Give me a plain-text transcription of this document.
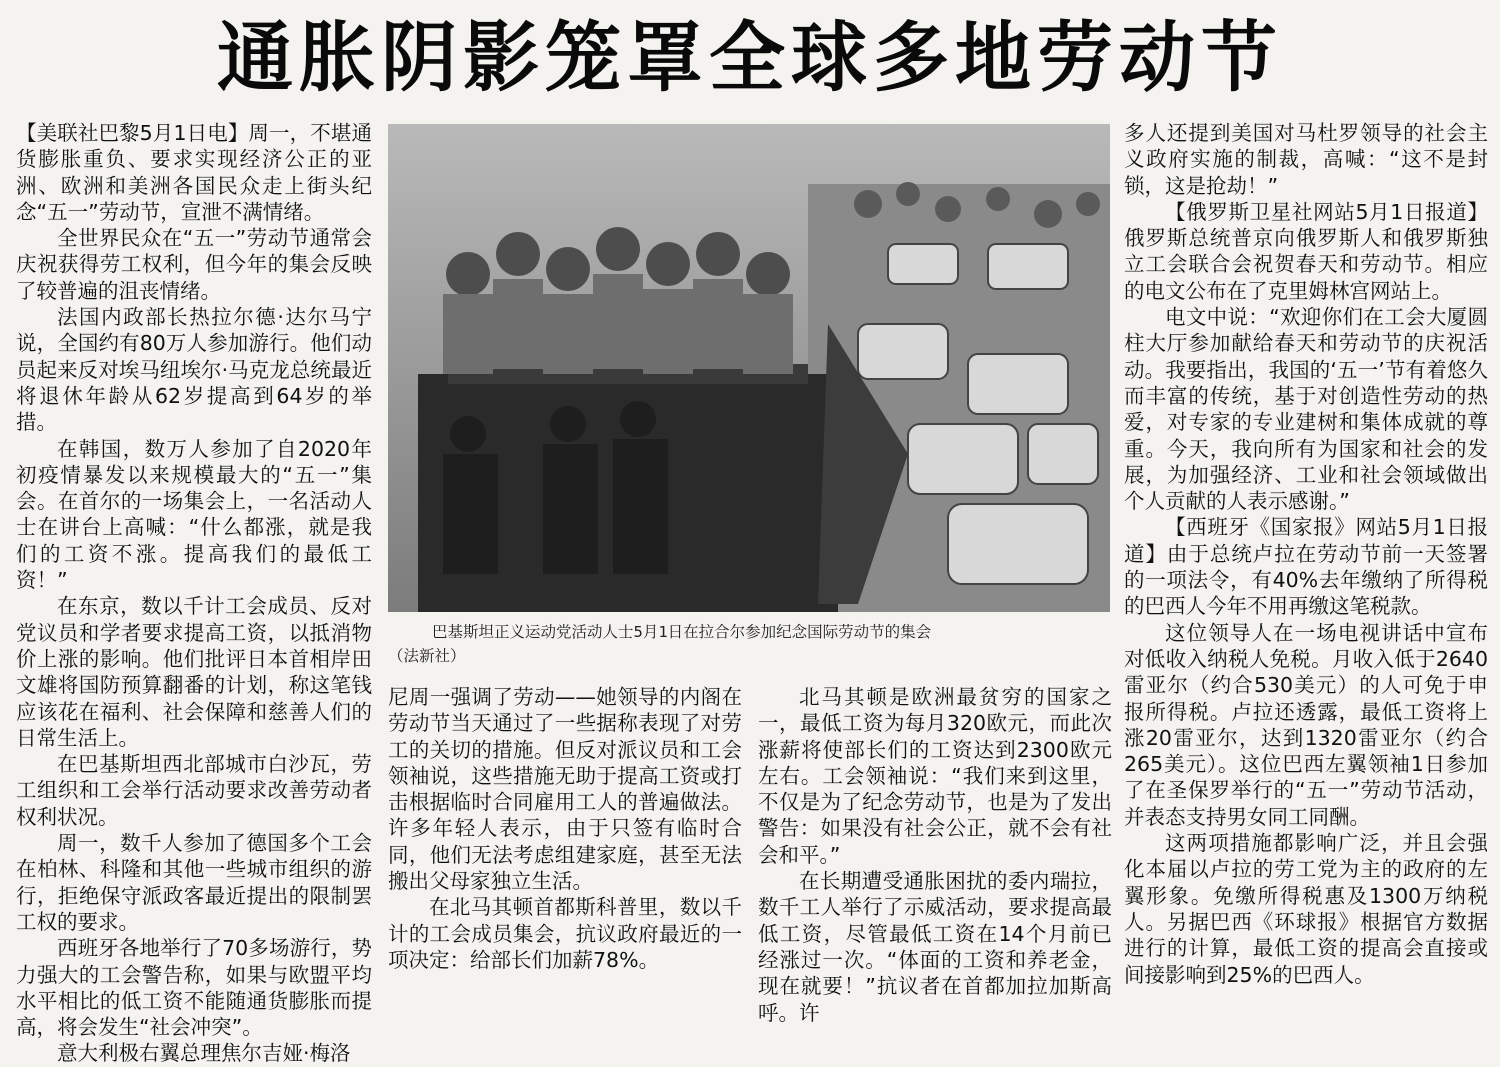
通胀阴影笼罩全球多地劳动节

【美联社巴黎5月1日电】周一，不堪通货膨胀重负、要求实现经济公正的亚洲、欧洲和美洲各国民众走上街头纪念“五一”劳动节，宣泄不满情绪。

全世界民众在“五一”劳动节通常会庆祝获得劳工权利，但今年的集会反映了较普遍的沮丧情绪。

法国内政部长热拉尔德·达尔马宁说，全国约有80万人参加游行。他们动员起来反对埃马纽埃尔·马克龙总统最近将退休年龄从62岁提高到64岁的举措。

在韩国，数万人参加了自2020年初疫情暴发以来规模最大的“五一”集会。在首尔的一场集会上，一名活动人士在讲台上高喊：“什么都涨，就是我们的工资不涨。提高我们的最低工资！”

在东京，数以千计工会成员、反对党议员和学者要求提高工资，以抵消物价上涨的影响。他们批评日本首相岸田文雄将国防预算翻番的计划，称这笔钱应该花在福利、社会保障和慈善人们的日常生活上。

在巴基斯坦西北部城市白沙瓦，劳工组织和工会举行活动要求改善劳动者权利状况。

周一，数千人参加了德国多个工会在柏林、科隆和其他一些城市组织的游行，拒绝保守派政客最近提出的限制罢工权的要求。

西班牙各地举行了70多场游行，势力强大的工会警告称，如果与欧盟平均水平相比的低工资不能随通货膨胀而提高，将会发生“社会冲突”。

意大利极右翼总理焦尔吉娅·梅洛

巴基斯坦正义运动党活动人士5月1日在拉合尔参加纪念国际劳动节的集会
（法新社）

尼周一强调了劳动——她领导的内阁在劳动节当天通过了一些据称表现了对劳工的关切的措施。但反对派议员和工会领袖说，这些措施无助于提高工资或打击根据临时合同雇用工人的普遍做法。许多年轻人表示，由于只签有临时合同，他们无法考虑组建家庭，甚至无法搬出父母家独立生活。

在北马其顿首都斯科普里，数以千计的工会成员集会，抗议政府最近的一项决定：给部长们加薪78%。

北马其顿是欧洲最贫穷的国家之一，最低工资为每月320欧元，而此次涨薪将使部长们的工资达到2300欧元左右。工会领袖说：“我们来到这里，不仅是为了纪念劳动节，也是为了发出警告：如果没有社会公正，就不会有社会和平。”

在长期遭受通胀困扰的委内瑞拉，数千工人举行了示威活动，要求提高最低工资，尽管最低工资在14个月前已经涨过一次。“体面的工资和养老金，现在就要！”抗议者在首都加拉加斯高呼。许

多人还提到美国对马杜罗领导的社会主义政府实施的制裁，高喊：“这不是封锁，这是抢劫！”

【俄罗斯卫星社网站5月1日报道】俄罗斯总统普京向俄罗斯人和俄罗斯独立工会联合会祝贺春天和劳动节。相应的电文公布在了克里姆林宫网站上。

电文中说：“欢迎你们在工会大厦圆柱大厅参加献给春天和劳动节的庆祝活动。我要指出，我国的‘五一’节有着悠久而丰富的传统，基于对创造性劳动的热爱，对专家的专业建树和集体成就的尊重。今天，我向所有为国家和社会的发展，为加强经济、工业和社会领域做出个人贡献的人表示感谢。”

【西班牙《国家报》网站5月1日报道】由于总统卢拉在劳动节前一天签署的一项法令，有40%去年缴纳了所得税的巴西人今年不用再缴这笔税款。

这位领导人在一场电视讲话中宣布对低收入纳税人免税。月收入低于2640雷亚尔（约合530美元）的人可免于申报所得税。卢拉还透露，最低工资将上涨20雷亚尔，达到1320雷亚尔（约合265美元）。这位巴西左翼领袖1日参加了在圣保罗举行的“五一”劳动节活动，并表态支持男女同工同酬。

这两项措施都影响广泛，并且会强化本届以卢拉的劳工党为主的政府的左翼形象。免缴所得税惠及1300万纳税人。另据巴西《环球报》根据官方数据进行的计算，最低工资的提高会直接或间接影响到25%的巴西人。
